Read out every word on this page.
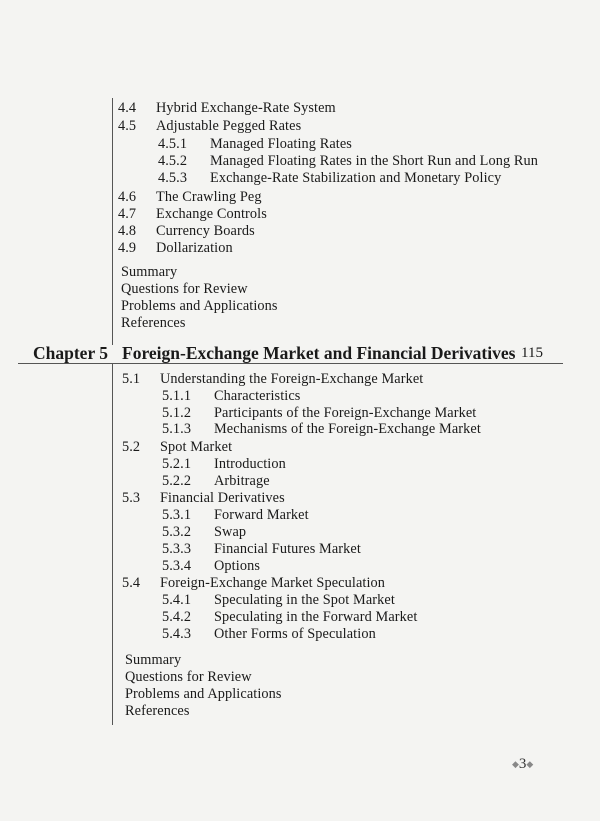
4.4 Hybrid Exchange-Rate System
4.5 Adjustable Pegged Rates
4.5.1 Managed Floating Rates
4.5.2 Managed Floating Rates in the Short Run and Long Run
4.5.3 Exchange-Rate Stabilization and Monetary Policy
4.6 The Crawling Peg
4.7 Exchange Controls
4.8 Currency Boards
4.9 Dollarization
Summary
Questions for Review
Problems and Applications
References
Chapter 5 Foreign-Exchange Market and Financial Derivatives 115
5.1 Understanding the Foreign-Exchange Market
5.1.1 Characteristics
5.1.2 Participants of the Foreign-Exchange Market
5.1.3 Mechanisms of the Foreign-Exchange Market
5.2 Spot Market
5.2.1 Introduction
5.2.2 Arbitrage
5.3 Financial Derivatives
5.3.1 Forward Market
5.3.2 Swap
5.3.3 Financial Futures Market
5.3.4 Options
5.4 Foreign-Exchange Market Speculation
5.4.1 Speculating in the Spot Market
5.4.2 Speculating in the Forward Market
5.4.3 Other Forms of Speculation
Summary
Questions for Review
Problems and Applications
References
◆3◆
